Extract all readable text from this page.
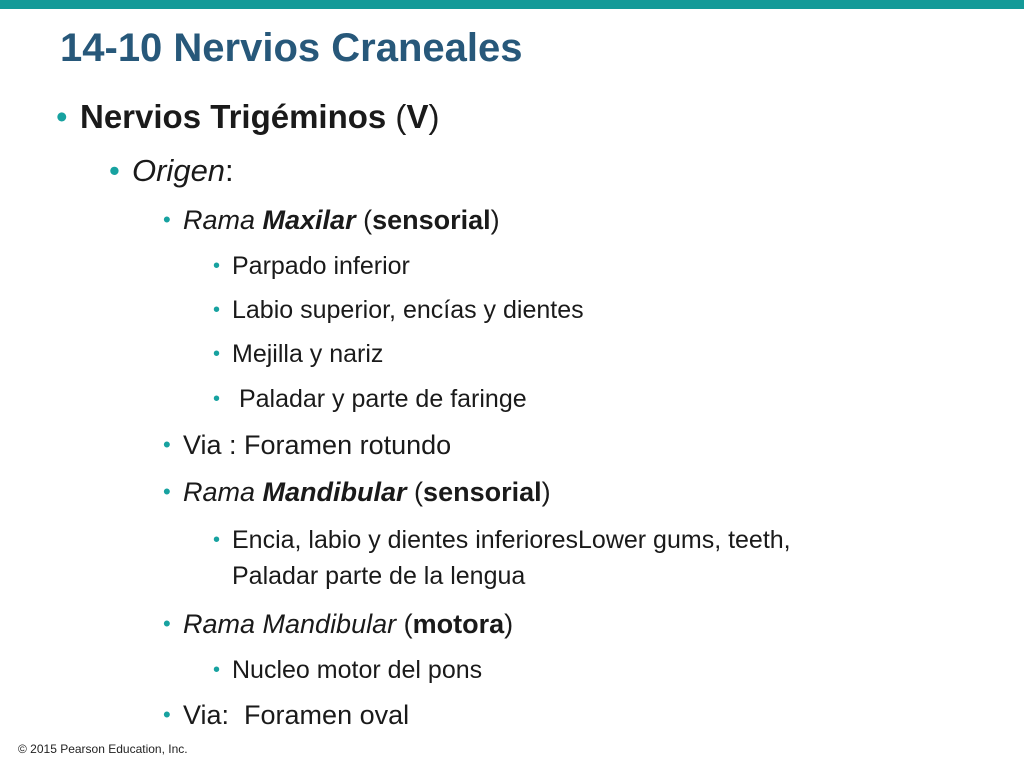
14-10 Nervios Craneales
• Nervios Trigéminos (V)
• Origen:
• Rama Maxilar (sensorial)
• Parpado inferior
• Labio superior, encías y dientes
• Mejilla y nariz
• Paladar y parte de faringe
• Via : Foramen rotundo
• Rama Mandibular (sensorial)
• Encia, labio y dientes inferioresLower gums, teeth,
Paladar parte de la lengua
• Rama Mandibular (motora)
• Nucleo motor del pons
• Via:  Foramen oval
© 2015 Pearson Education, Inc.
